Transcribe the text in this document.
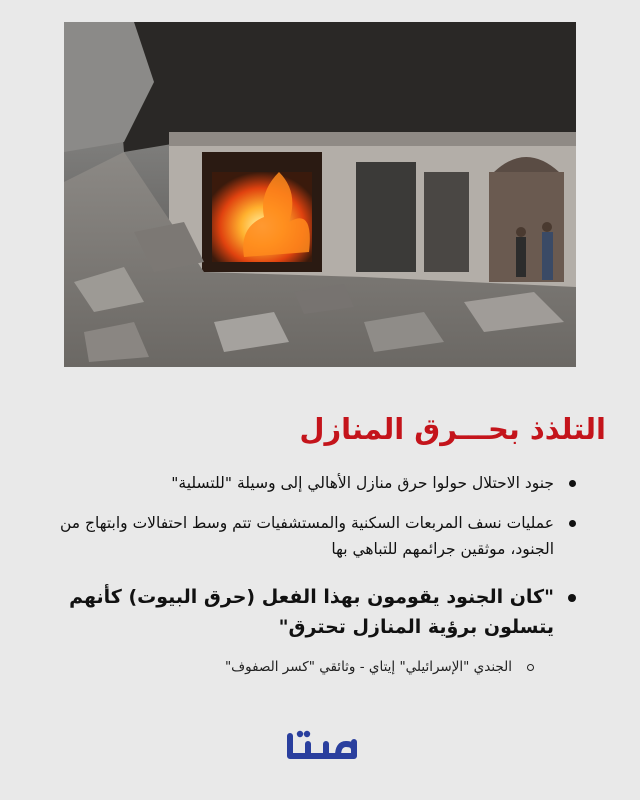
التلذذ بحـــرق المنازل
جنود الاحتلال حولوا حرق منازل الأهالي إلى وسيلة "للتسلية"
عمليات نسف المربعات السكنية والمستشفيات تتم وسط احتفالات وابتهاج من الجنود، موثقين جرائمهم للتباهي بها
"كان الجنود يقومون بهذا الفعل (حرق البيوت) كأنهم يتسلون برؤية المنازل تحترق"
الجندي "الإسرائيلي" إيتاي - وثائقي "كسر الصفوف"
